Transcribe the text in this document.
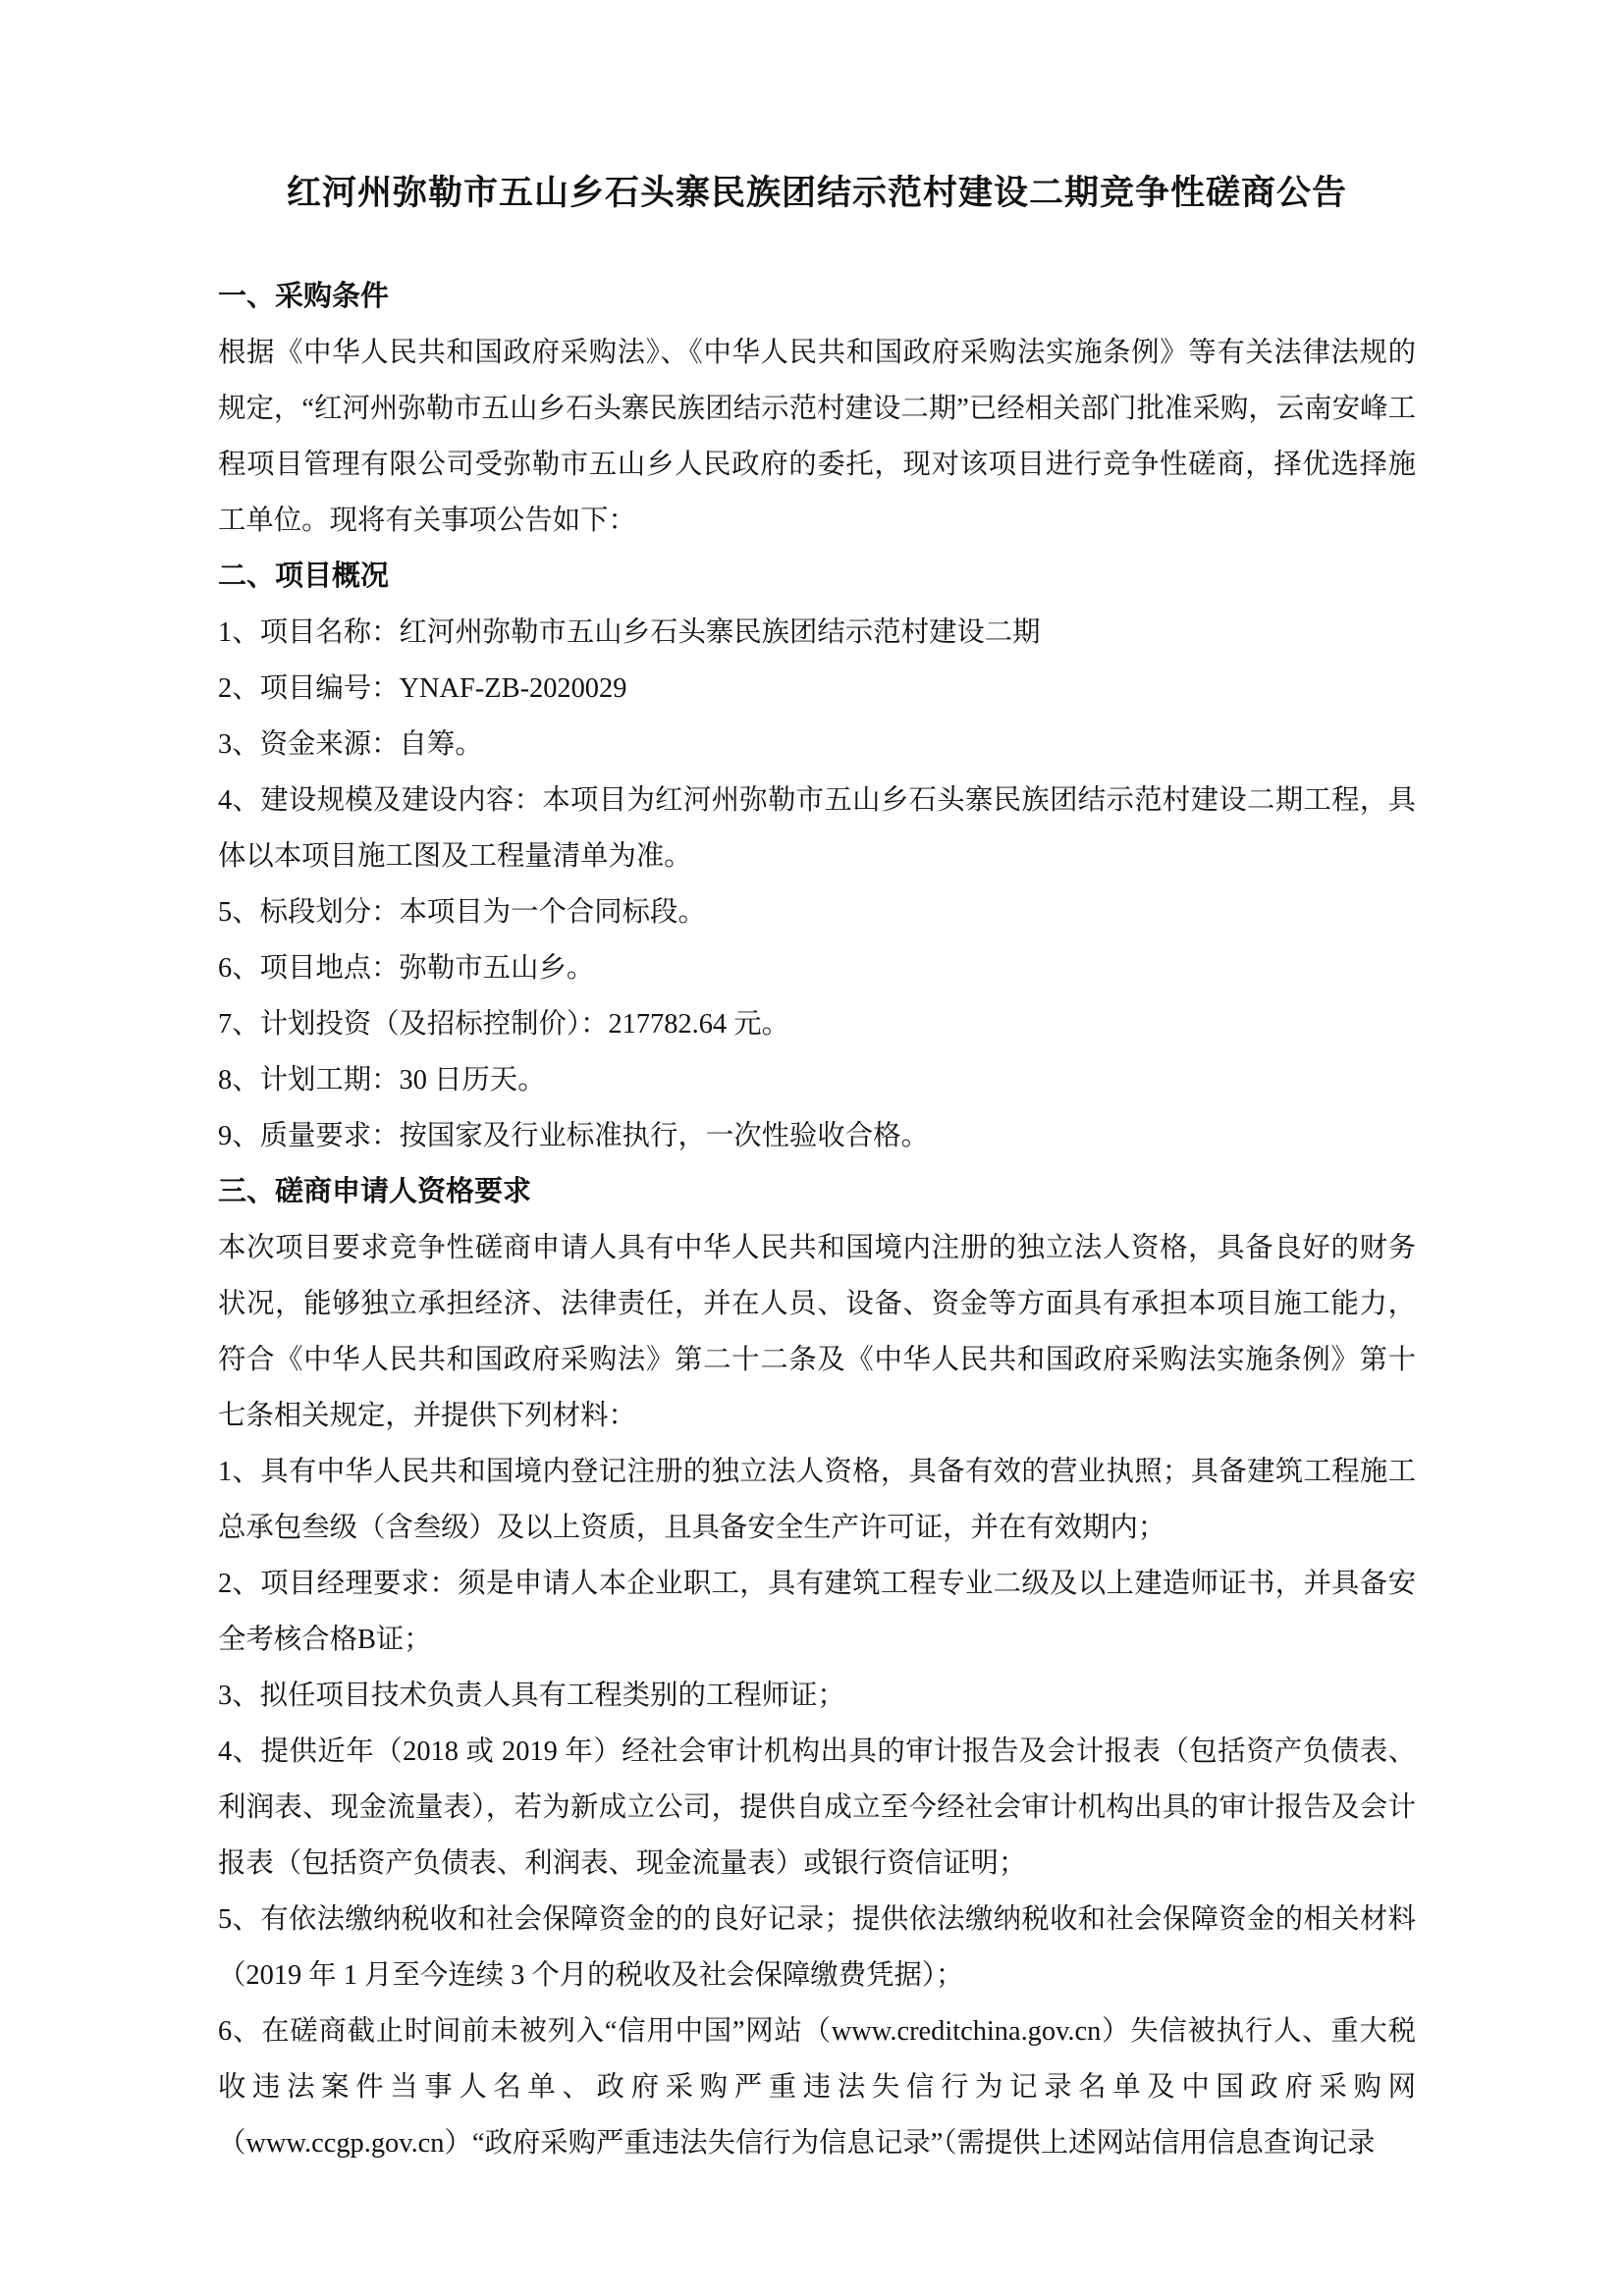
红河州弥勒市五山乡石头寨民族团结示范村建设二期竞争性磋商公告
一、采购条件

根据《中华人民共和国政府采购法》、《中华人民共和国政府采购法实施条例》等有关法律法规的规定，“红河州弥勒市五山乡石头寨民族团结示范村建设二期”已经相关部门批准采购，云南安峰工程项目管理有限公司受弥勒市五山乡人民政府的委托，现对该项目进行竞争性磋商，择优选择施工单位。现将有关事项公告如下：

二、项目概况

1、项目名称：红河州弥勒市五山乡石头寨民族团结示范村建设二期

2、项目编号：YNAF-ZB-2020029

3、资金来源：自筹。

4、建设规模及建设内容：本项目为红河州弥勒市五山乡石头寨民族团结示范村建设二期工程，具体以本项目施工图及工程量清单为准。

5、标段划分：本项目为一个合同标段。

6、项目地点：弥勒市五山乡。

7、计划投资（及招标控制价）：217782.64 元。

8、计划工期：30 日历天。

9、质量要求：按国家及行业标准执行，一次性验收合格。

三、磋商申请人资格要求

本次项目要求竞争性磋商申请人具有中华人民共和国境内注册的独立法人资格，具备良好的财务状况，能够独立承担经济、法律责任，并在人员、设备、资金等方面具有承担本项目施工能力，符合《中华人民共和国政府采购法》第二十二条及《中华人民共和国政府采购法实施条例》第十七条相关规定，并提供下列材料：

1、具有中华人民共和国境内登记注册的独立法人资格，具备有效的营业执照；具备建筑工程施工总承包叁级（含叁级）及以上资质，且具备安全生产许可证，并在有效期内；

2、项目经理要求：须是申请人本企业职工，具有建筑工程专业二级及以上建造师证书，并具备安全考核合格B证；

3、拟任项目技术负责人具有工程类别的工程师证；

4、提供近年（2018 或 2019 年）经社会审计机构出具的审计报告及会计报表（包括资产负债表、利润表、现金流量表），若为新成立公司，提供自成立至今经社会审计机构出具的审计报告及会计报表（包括资产负债表、利润表、现金流量表）或银行资信证明；

5、有依法缴纳税收和社会保障资金的的良好记录；提供依法缴纳税收和社会保障资金的相关材料（2019 年 1 月至今连续 3 个月的税收及社会保障缴费凭据）；

6、在磋商截止时间前未被列入“信用中国”网站（www.creditchina.gov.cn）失信被执行人、重大税收违法案件当事人名单、政府采购严重违法失信行为记录名单及中国政府采购网（www.ccgp.gov.cn）“政府采购严重违法失信行为信息记录”（需提供上述网站信用信息查询记录
